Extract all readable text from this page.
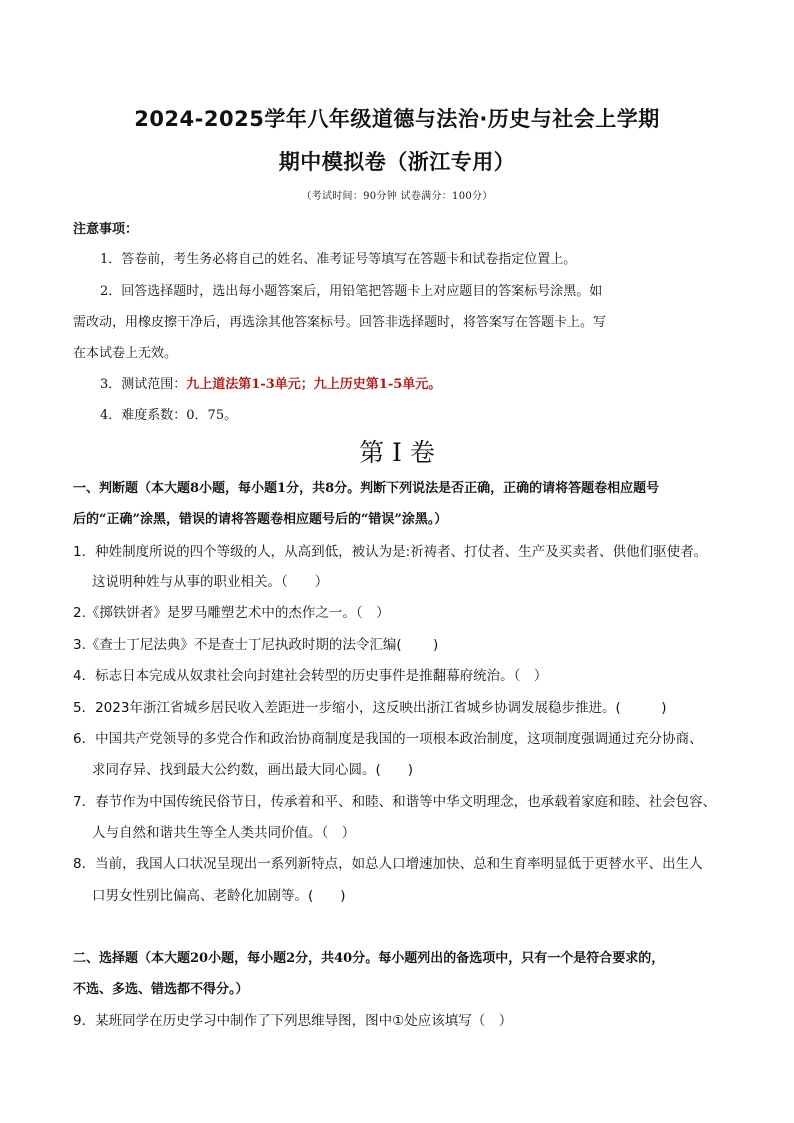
2024-2025学年八年级道德与法治·历史与社会上学期
期中模拟卷（浙江专用）
（考试时间：90分钟 试卷满分：100分）
注意事项：
1．答卷前，考生务必将自己的姓名、准考证号等填写在答题卡和试卷指定位置上。
2．回答选择题时，选出每小题答案后，用铅笔把答题卡上对应题目的答案标号涂黑。如
需改动，用橡皮擦干净后，再选涂其他答案标号。回答非选择题时，将答案写在答题卡上。写
在本试卷上无效。
3．测试范围：九上道法第1-3单元；九上历史第1-5单元。
4．难度系数：0．75。
第 I 卷
一、判断题（本大题8小题，每小题1分，共8分。判断下列说法是否正确，正确的请将答题卷相应题号
后的“正确”涂黑，错误的请将答题卷相应题号后的“错误”涂黑。）
1．种姓制度所说的四个等级的人，从高到低，被认为是:祈祷者、打仗者、生产及买卖者、供他们驱使者。
这说明种姓与从事的职业相关。（　　）
2.《掷铁饼者》是罗马雕塑艺术中的杰作之一。（　）
3.《查士丁尼法典》不是查士丁尼执政时期的法令汇编(　　 )
4．标志日本完成从奴隶社会向封建社会转型的历史事件是推翻幕府统治。（　）
5．2023年浙江省城乡居民收入差距进一步缩小，这反映出浙江省城乡协调发展稳步推进。(　　　)
6．中国共产党领导的多党合作和政治协商制度是我国的一项根本政治制度，这项制度强调通过充分协商、
求同存异、找到最大公约数，画出最大同心圆。(　　)
7．春节作为中国传统民俗节日，传承着和平、和睦、和谐等中华文明理念，也承载着家庭和睦、社会包容、
人与自然和谐共生等全人类共同价值。（　）
8．当前，我国人口状况呈现出一系列新特点，如总人口增速加快、总和生育率明显低于更替水平、出生人
口男女性别比偏高、老龄化加剧等。(　　)
二、选择题（本大题20小题，每小题2分，共40分。每小题列出的备选项中，只有一个是符合要求的，
不选、多选、错选都不得分。）
9．某班同学在历史学习中制作了下列思维导图，图中①处应该填写（　）
